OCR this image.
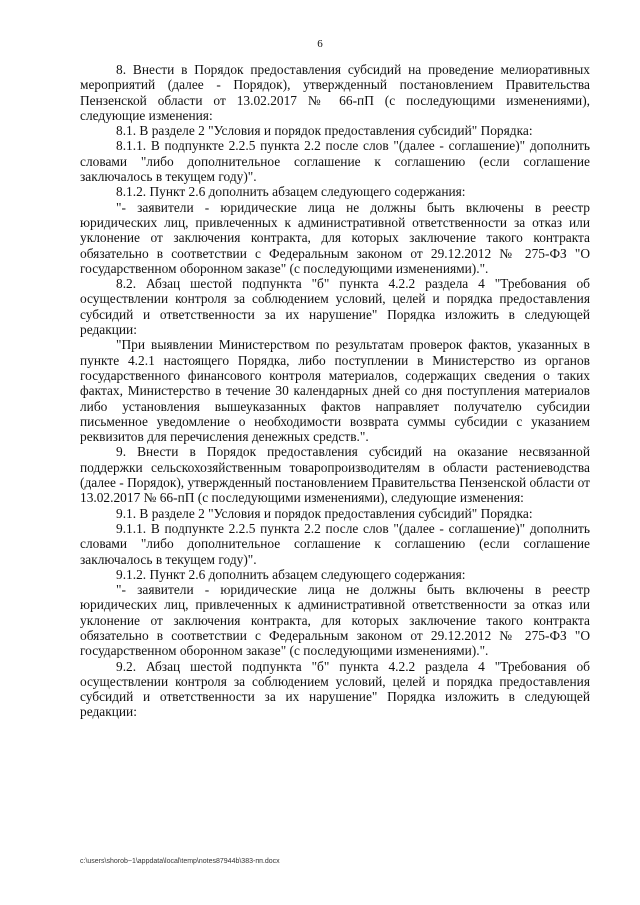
6

8. Внести в Порядок предоставления субсидий на проведение мелиоративных мероприятий (далее - Порядок), утвержденный постановлением Правительства Пензенской области от 13.02.2017 № 66-пП (с последующими изменениями), следующие изменения:

8.1. В разделе 2 "Условия и порядок предоставления субсидий" Порядка:

8.1.1. В подпункте 2.2.5 пункта 2.2 после слов "(далее - соглашение)" дополнить словами "либо дополнительное соглашение к соглашению (если соглашение заключалось в текущем году)".

8.1.2. Пункт 2.6 дополнить абзацем следующего содержания:

"- заявители - юридические лица не должны быть включены в реестр юридических лиц, привлеченных к административной ответственности за отказ или уклонение от заключения контракта, для которых заключение такого контракта обязательно в соответствии с Федеральным законом от 29.12.2012 № 275-ФЗ "О государственном оборонном заказе" (с последующими изменениями).".

8.2. Абзац шестой подпункта "б" пункта 4.2.2 раздела 4 "Требования об осуществлении контроля за соблюдением условий, целей и порядка предоставления субсидий и ответственности за их нарушение" Порядка изложить в следующей редакции:

"При выявлении Министерством по результатам проверок фактов, указанных в пункте 4.2.1 настоящего Порядка, либо поступлении в Министерство из органов государственного финансового контроля материалов, содержащих сведения о таких фактах, Министерство в течение 30 календарных дней со дня поступления материалов либо установления вышеуказанных фактов направляет получателю субсидии письменное уведомление о необходимости возврата суммы субсидии с указанием реквизитов для перечисления денежных средств.".

9. Внести в Порядок предоставления субсидий на оказание несвязанной поддержки сельскохозяйственным товаропроизводителям в области растениеводства (далее - Порядок), утвержденный постановлением Правительства Пензенской области от 13.02.2017 № 66-пП (с последующими изменениями), следующие изменения:

9.1. В разделе 2 "Условия и порядок предоставления субсидий" Порядка:

9.1.1. В подпункте 2.2.5 пункта 2.2 после слов "(далее - соглашение)" дополнить словами "либо дополнительное соглашение к соглашению (если соглашение заключалось в текущем году)".

9.1.2. Пункт 2.6 дополнить абзацем следующего содержания:

"- заявители - юридические лица не должны быть включены в реестр юридических лиц, привлеченных к административной ответственности за отказ или уклонение от заключения контракта, для которых заключение такого контракта обязательно в соответствии с Федеральным законом от 29.12.2012 № 275-ФЗ "О государственном оборонном заказе" (с последующими изменениями).".

9.2. Абзац шестой подпункта "б" пункта 4.2.2 раздела 4 "Требования об осуществлении контроля за соблюдением условий, целей и порядка предоставления субсидий и ответственности за их нарушение" Порядка изложить в следующей редакции:

c:\users\shorob~1\appdata\local\temp\notes87944b\383-пп.docx
